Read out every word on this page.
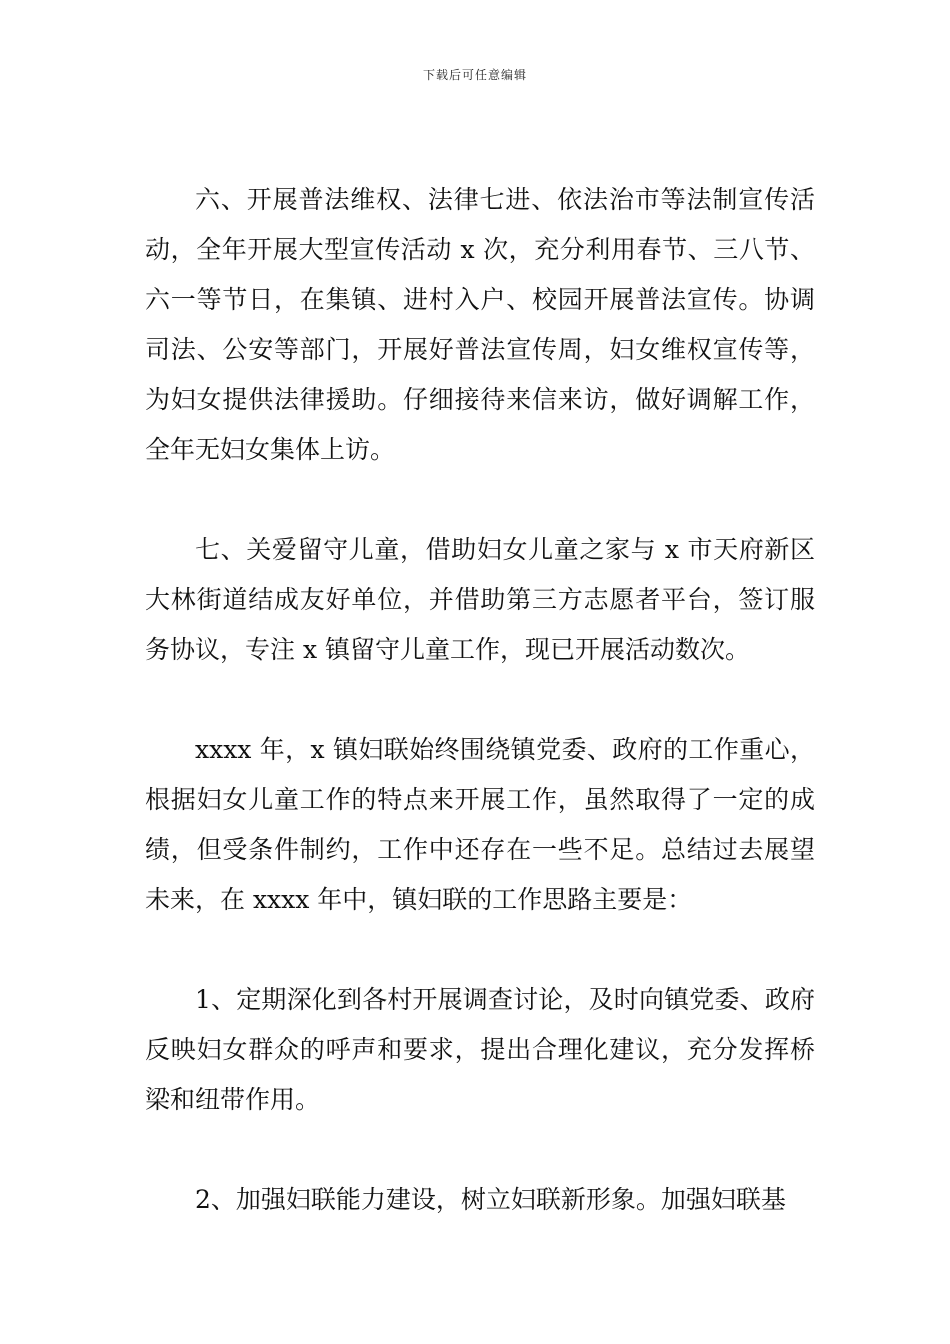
下载后可任意编辑

六、开展普法维权、法律七进、依法治市等法制宣传活动，全年开展大型宣传活动 x 次，充分利用春节、三八节、六一等节日，在集镇、进村入户、校园开展普法宣传。协调司法、公安等部门，开展好普法宣传周，妇女维权宣传等，为妇女提供法律援助。仔细接待来信来访，做好调解工作，全年无妇女集体上访。

七、关爱留守儿童，借助妇女儿童之家与 x 市天府新区大林街道结成友好单位，并借助第三方志愿者平台，签订服务协议，专注 x 镇留守儿童工作，现已开展活动数次。

xxxx 年，x 镇妇联始终围绕镇党委、政府的工作重心，根据妇女儿童工作的特点来开展工作，虽然取得了一定的成绩，但受条件制约，工作中还存在一些不足。总结过去展望未来，在 xxxx 年中，镇妇联的工作思路主要是：

1、定期深化到各村开展调查讨论，及时向镇党委、政府反映妇女群众的呼声和要求，提出合理化建议，充分发挥桥梁和纽带作用。

2、加强妇联能力建设，树立妇联新形象。加强妇联基
